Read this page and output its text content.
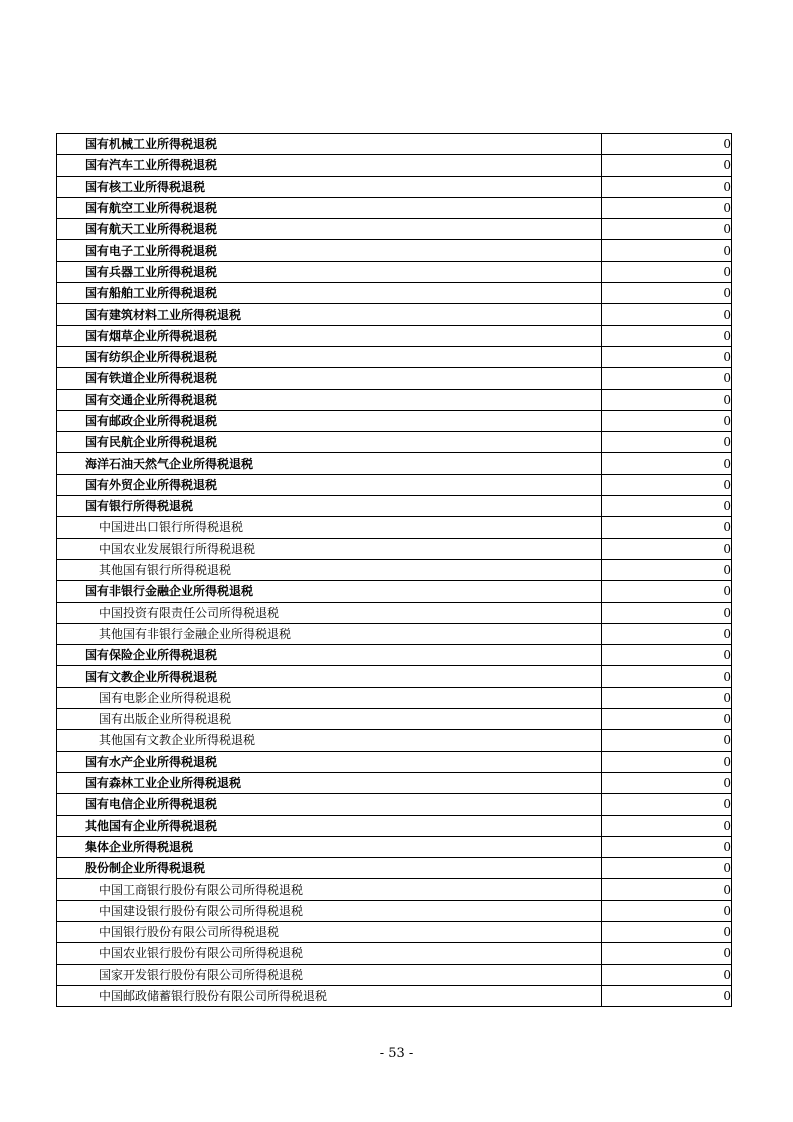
国有机械工业所得税退税	0
国有汽车工业所得税退税	0
国有核工业所得税退税	0
国有航空工业所得税退税	0
国有航天工业所得税退税	0
国有电子工业所得税退税	0
国有兵器工业所得税退税	0
国有船舶工业所得税退税	0
国有建筑材料工业所得税退税	0
国有烟草企业所得税退税	0
国有纺织企业所得税退税	0
国有铁道企业所得税退税	0
国有交通企业所得税退税	0
国有邮政企业所得税退税	0
国有民航企业所得税退税	0
海洋石油天然气企业所得税退税	0
国有外贸企业所得税退税	0
国有银行所得税退税	0
中国进出口银行所得税退税	0
中国农业发展银行所得税退税	0
其他国有银行所得税退税	0
国有非银行金融企业所得税退税	0
中国投资有限责任公司所得税退税	0
其他国有非银行金融企业所得税退税	0
国有保险企业所得税退税	0
国有文教企业所得税退税	0
国有电影企业所得税退税	0
国有出版企业所得税退税	0
其他国有文教企业所得税退税	0
国有水产企业所得税退税	0
国有森林工业企业所得税退税	0
国有电信企业所得税退税	0
其他国有企业所得税退税	0
集体企业所得税退税	0
股份制企业所得税退税	0
中国工商银行股份有限公司所得税退税	0
中国建设银行股份有限公司所得税退税	0
中国银行股份有限公司所得税退税	0
中国农业银行股份有限公司所得税退税	0
国家开发银行股份有限公司所得税退税	0
中国邮政储蓄银行股份有限公司所得税退税	0
- 53 -
